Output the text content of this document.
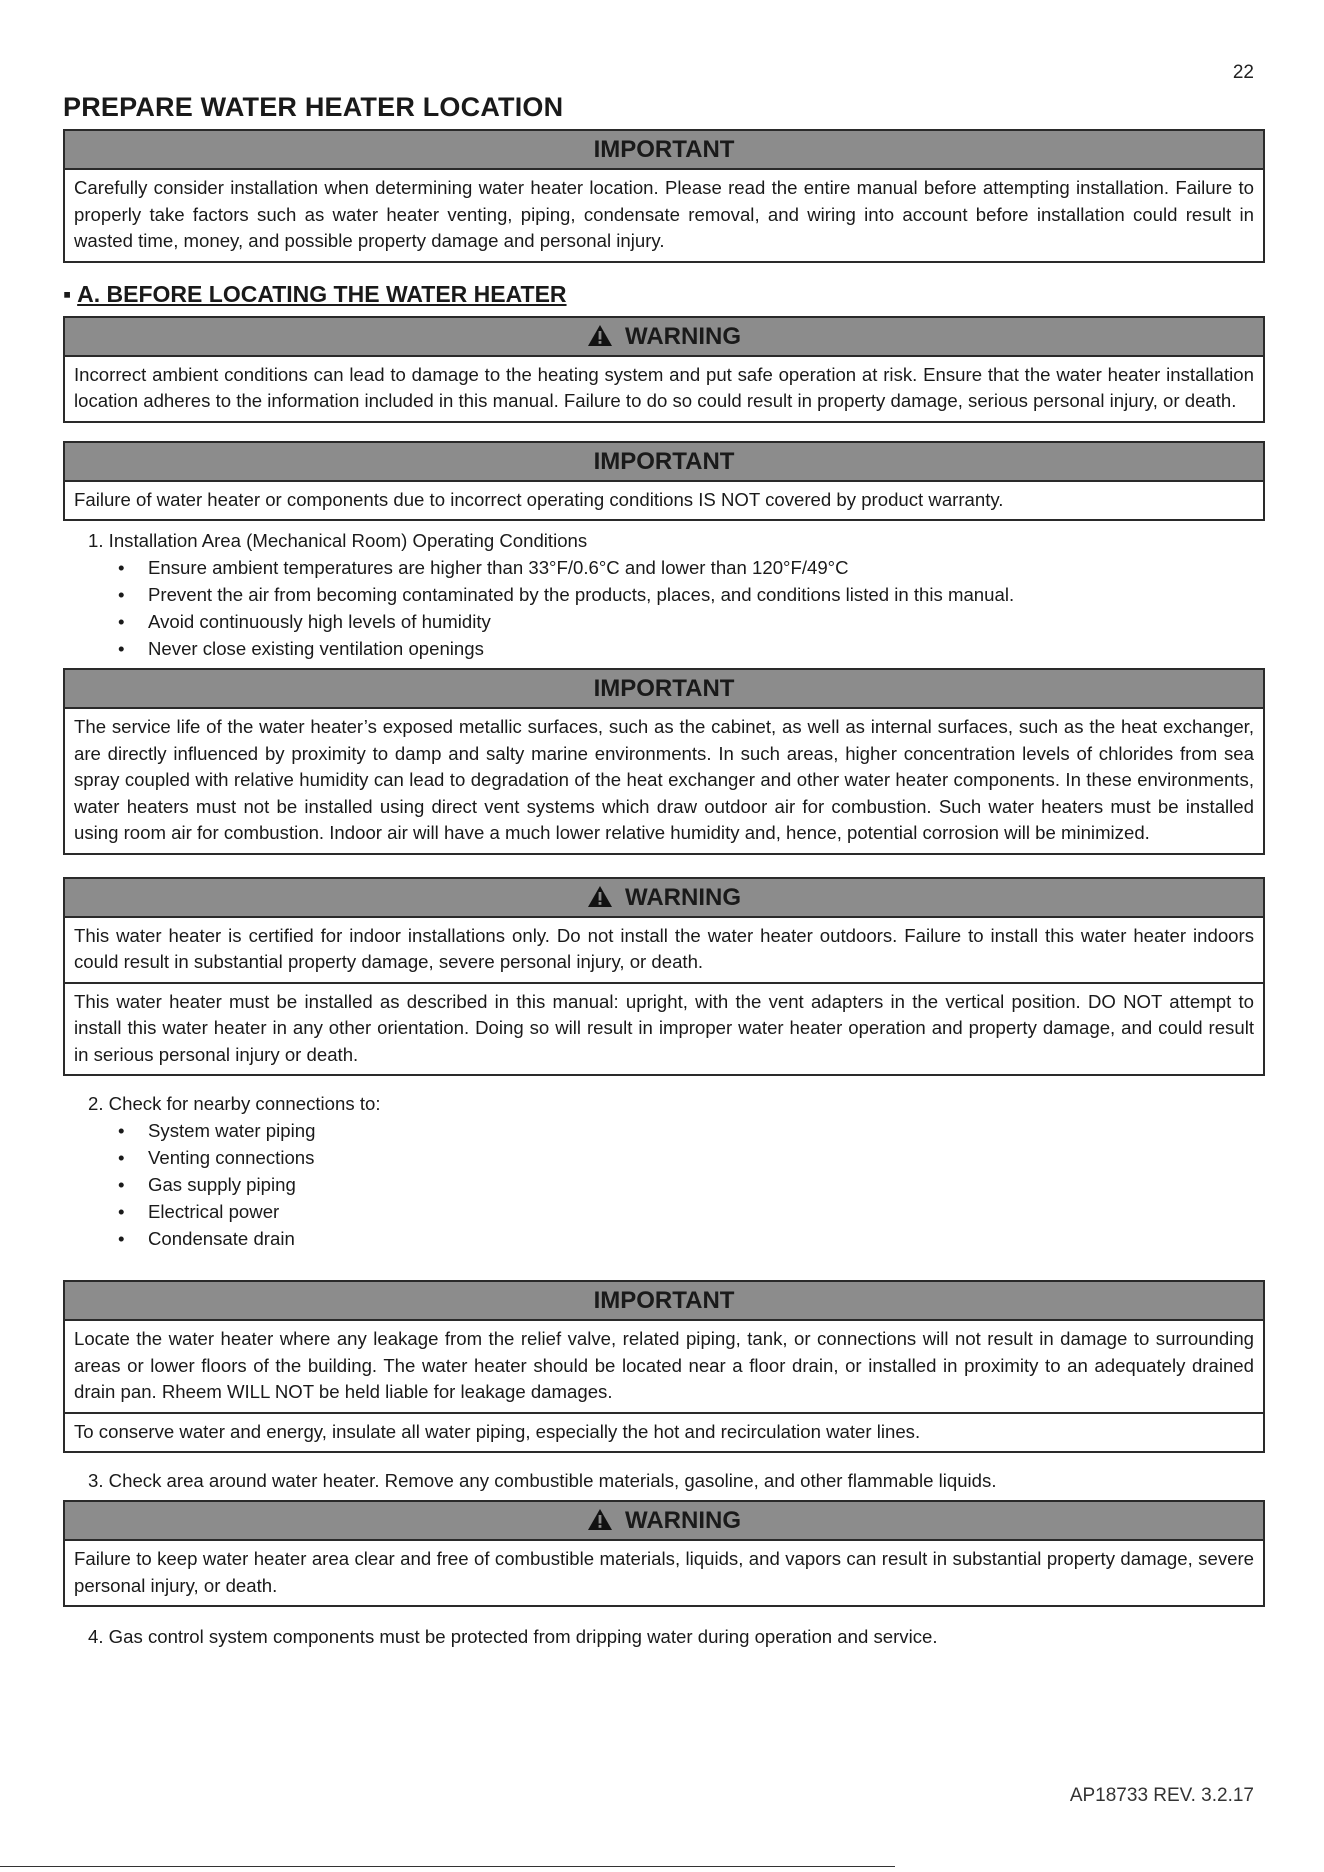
22
PREPARE WATER HEATER LOCATION
IMPORTANT
Carefully consider installation when determining water heater location. Please read the entire manual before attempting installation. Failure to properly take factors such as water heater venting, piping, condensate removal, and wiring into account before installation could result in wasted time, money, and possible property damage and personal injury.
▪ A. BEFORE LOCATING THE WATER HEATER
WARNING
Incorrect ambient conditions can lead to damage to the heating system and put safe operation at risk. Ensure that the water heater installation location adheres to the information included in this manual. Failure to do so could result in property damage, serious personal injury, or death.
IMPORTANT
Failure of water heater or components due to incorrect operating conditions IS NOT covered by product warranty.
1. Installation Area (Mechanical Room) Operating Conditions
• Ensure ambient temperatures are higher than 33°F/0.6°C and lower than 120°F/49°C
• Prevent the air from becoming contaminated by the products, places, and conditions listed in this manual.
• Avoid continuously high levels of humidity
• Never close existing ventilation openings
IMPORTANT
The service life of the water heater’s exposed metallic surfaces, such as the cabinet, as well as internal surfaces, such as the heat exchanger, are directly influenced by proximity to damp and salty marine environments. In such areas, higher concentration levels of chlorides from sea spray coupled with relative humidity can lead to degradation of the heat exchanger and other water heater components. In these environments, water heaters must not be installed using direct vent systems which draw outdoor air for combustion. Such water heaters must be installed using room air for combustion. Indoor air will have a much lower relative humidity and, hence, potential corrosion will be minimized.
WARNING
This water heater is certified for indoor installations only. Do not install the water heater outdoors. Failure to install this water heater indoors could result in substantial property damage, severe personal injury, or death.
This water heater must be installed as described in this manual: upright, with the vent adapters in the vertical position. DO NOT attempt to install this water heater in any other orientation. Doing so will result in improper water heater operation and property damage, and could result in serious personal injury or death.
2. Check for nearby connections to:
• System water piping
• Venting connections
• Gas supply piping
• Electrical power
• Condensate drain
IMPORTANT
Locate the water heater where any leakage from the relief valve, related piping, tank, or connections will not result in damage to surrounding areas or lower floors of the building. The water heater should be located near a floor drain, or installed in proximity to an adequately drained drain pan. Rheem WILL NOT be held liable for leakage damages.
To conserve water and energy, insulate all water piping, especially the hot and recirculation water lines.
3. Check area around water heater. Remove any combustible materials, gasoline, and other flammable liquids.
WARNING
Failure to keep water heater area clear and free of combustible materials, liquids, and vapors can result in substantial property damage, severe personal injury, or death.
4. Gas control system components must be protected from dripping water during operation and service.
AP18733 REV. 3.2.17
